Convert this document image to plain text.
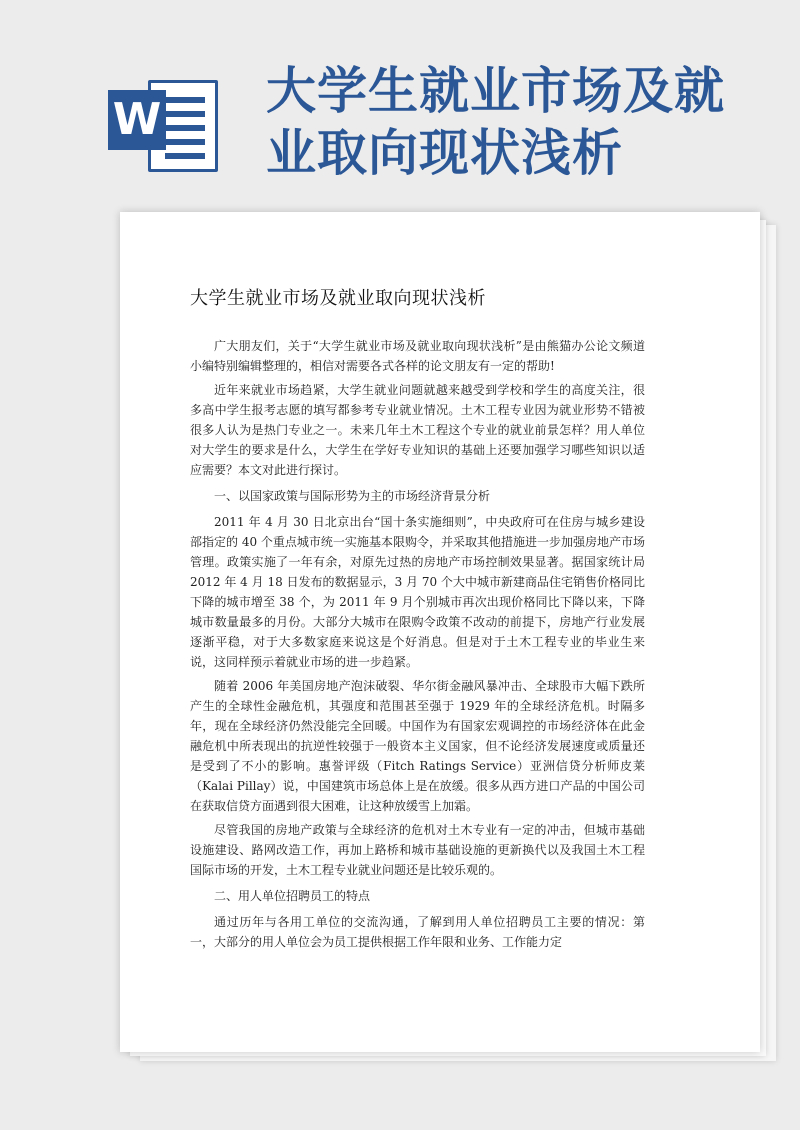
W 大学生就业市场及就业取向现状浅析
大学生就业市场及就业取向现状浅析

广大朋友们，关于“大学生就业市场及就业取向现状浅析”是由熊猫办公论文频道小编特别编辑整理的，相信对需要各式各样的论文朋友有一定的帮助!

近年来就业市场趋紧，大学生就业问题就越来越受到学校和学生的高度关注，很多高中学生报考志愿的填写都参考专业就业情况。土木工程专业因为就业形势不错被很多人认为是热门专业之一。未来几年土木工程这个专业的就业前景怎样？用人单位对大学生的要求是什么，大学生在学好专业知识的基础上还要加强学习哪些知识以适应需要？本文对此进行探讨。

一、以国家政策与国际形势为主的市场经济背景分析

2011 年 4 月 30 日北京出台“国十条实施细则”，中央政府可在住房与城乡建设部指定的 40 个重点城市统一实施基本限购令，并采取其他措施进一步加强房地产市场管理。政策实施了一年有余，对原先过热的房地产市场控制效果显著。据国家统计局 2012 年 4 月 18 日发布的数据显示，3 月 70 个大中城市新建商品住宅销售价格同比下降的城市增至 38 个，为 2011 年 9 月个别城市再次出现价格同比下降以来，下降城市数量最多的月份。大部分大城市在限购令政策不改动的前提下，房地产行业发展逐渐平稳，对于大多数家庭来说这是个好消息。但是对于土木工程专业的毕业生来说，这同样预示着就业市场的进一步趋紧。

随着 2006 年美国房地产泡沫破裂、华尔街金融风暴冲击、全球股市大幅下跌所产生的全球性金融危机，其强度和范围甚至强于 1929 年的全球经济危机。时隔多年，现在全球经济仍然没能完全回暖。中国作为有国家宏观调控的市场经济体在此金融危机中所表现出的抗逆性较强于一般资本主义国家，但不论经济发展速度或质量还是受到了不小的影响。惠誉评级（Fitch Ratings Service）亚洲信贷分析师皮莱（Kalai Pillay）说，中国建筑市场总体上是在放缓。很多从西方进口产品的中国公司在获取信贷方面遇到很大困难，让这种放缓雪上加霜。

尽管我国的房地产政策与全球经济的危机对土木专业有一定的冲击，但城市基础设施建设、路网改造工作，再加上路桥和城市基础设施的更新换代以及我国土木工程国际市场的开发，土木工程专业就业问题还是比较乐观的。

二、用人单位招聘员工的特点

通过历年与各用工单位的交流沟通，了解到用人单位招聘员工主要的情况：第一，大部分的用人单位会为员工提供根据工作年限和业务、工作能力定
